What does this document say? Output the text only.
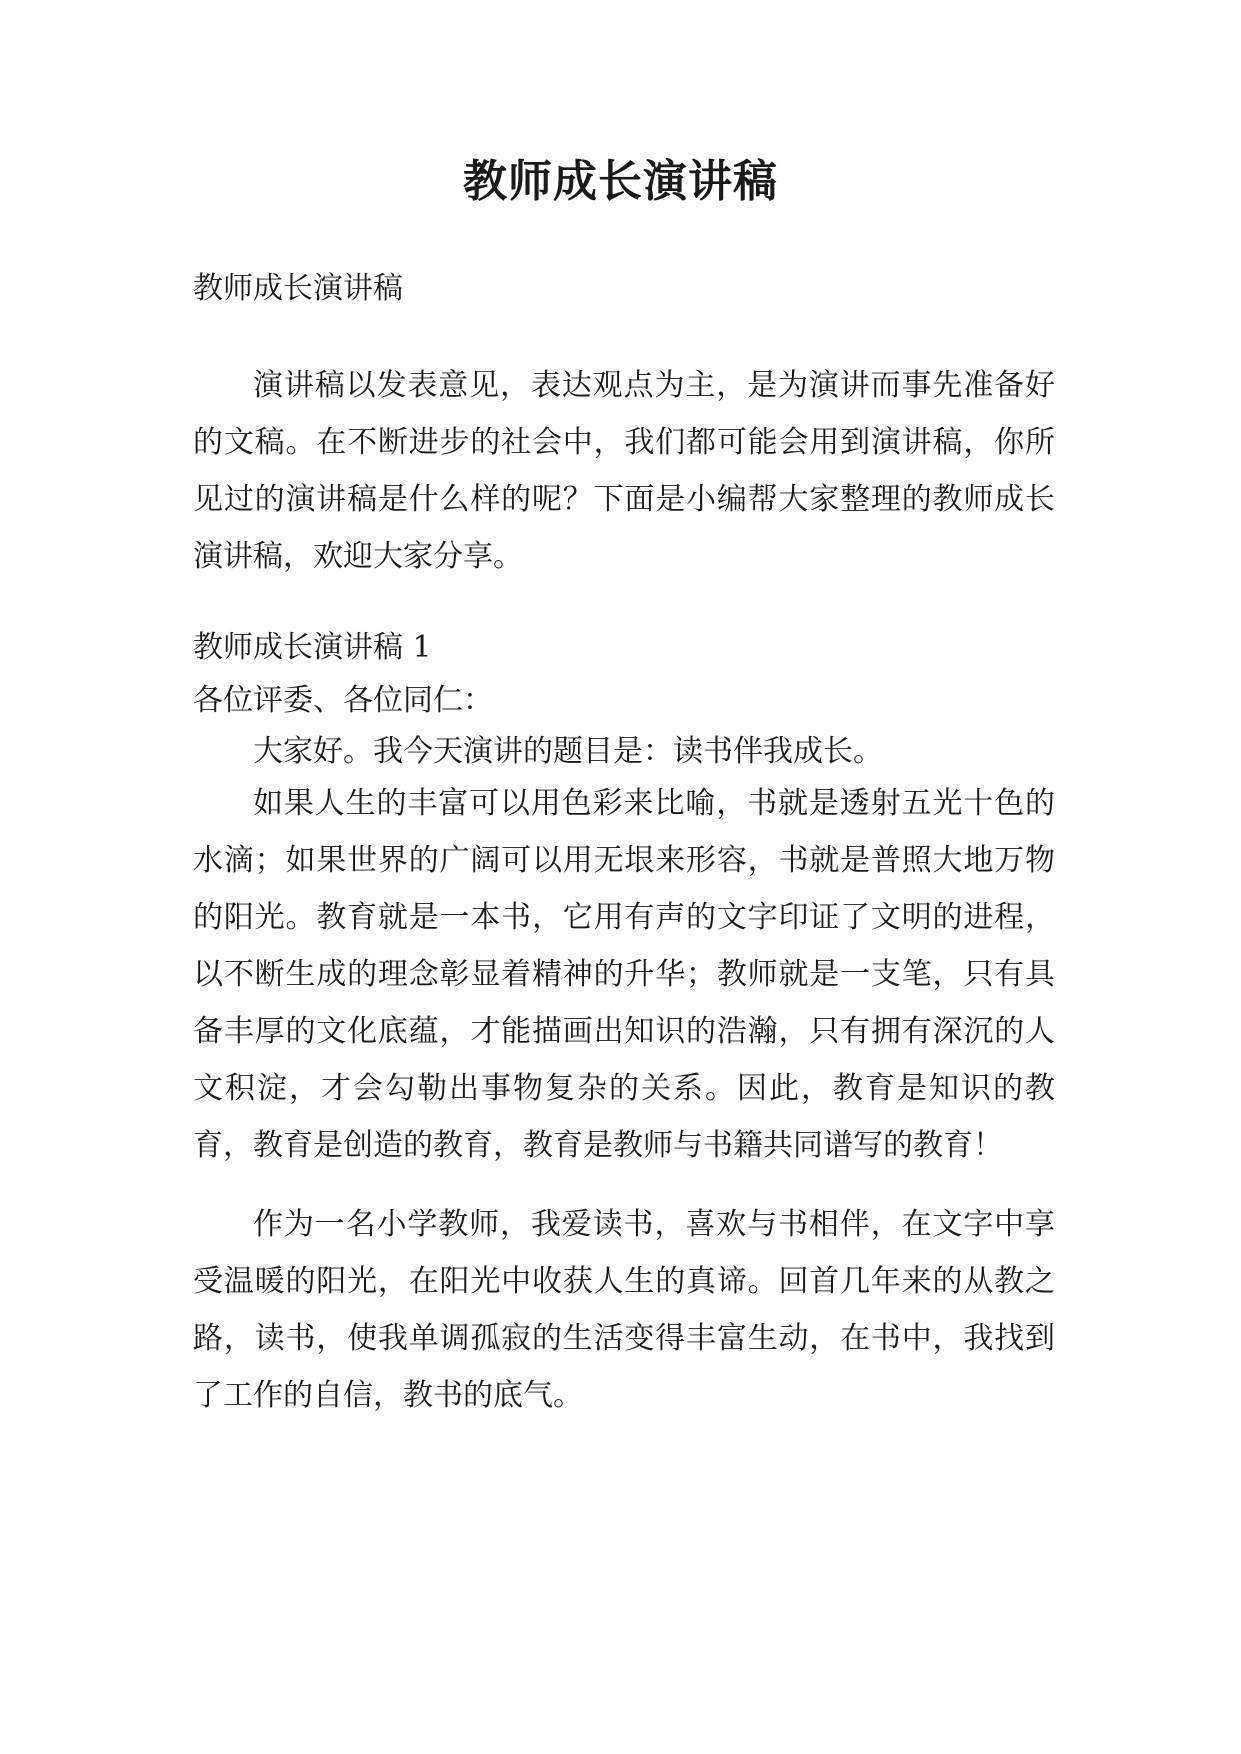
教师成长演讲稿

教师成长演讲稿

演讲稿以发表意见，表达观点为主，是为演讲而事先准备好的文稿。在不断进步的社会中，我们都可能会用到演讲稿，你所见过的演讲稿是什么样的呢？下面是小编帮大家整理的教师成长演讲稿，欢迎大家分享。

教师成长演讲稿 1

各位评委、各位同仁：

大家好。我今天演讲的题目是：读书伴我成长。

如果人生的丰富可以用色彩来比喻，书就是透射五光十色的水滴；如果世界的广阔可以用无垠来形容，书就是普照大地万物的阳光。教育就是一本书，它用有声的文字印证了文明的进程，以不断生成的理念彰显着精神的升华；教师就是一支笔，只有具备丰厚的文化底蕴，才能描画出知识的浩瀚，只有拥有深沉的人文积淀，才会勾勒出事物复杂的关系。因此，教育是知识的教育，教育是创造的教育，教育是教师与书籍共同谱写的教育！

作为一名小学教师，我爱读书，喜欢与书相伴，在文字中享受温暖的阳光，在阳光中收获人生的真谛。回首几年来的从教之路，读书，使我单调孤寂的生活变得丰富生动，在书中，我找到了工作的自信，教书的底气。
